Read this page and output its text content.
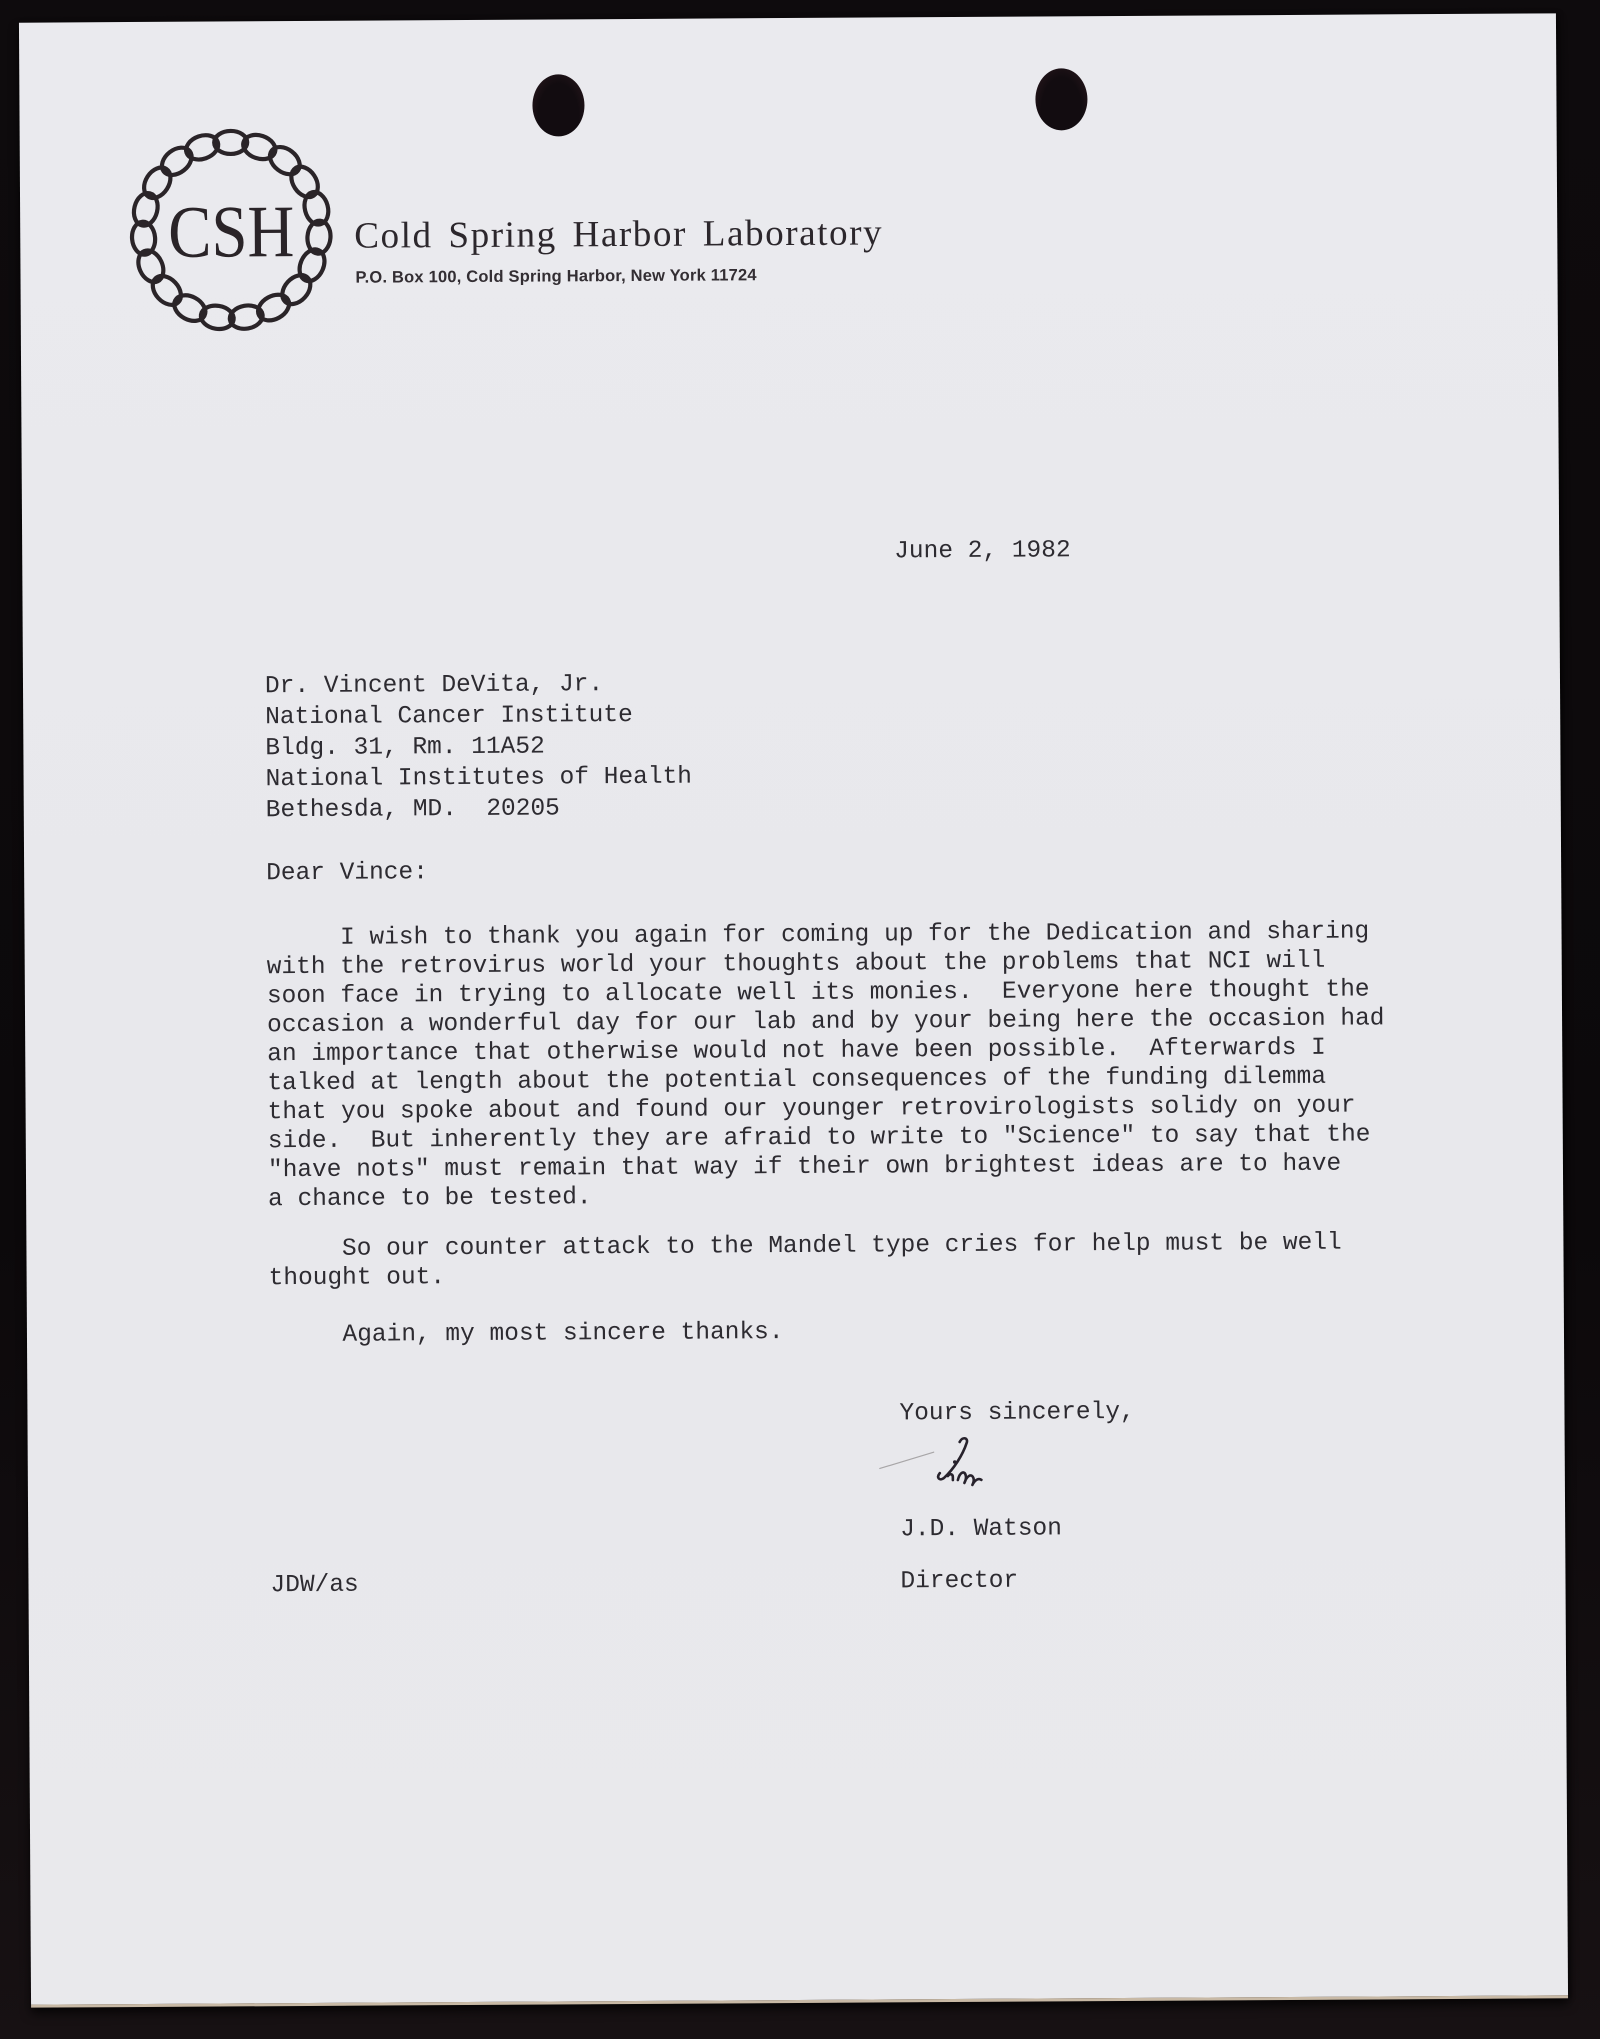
CSH Cold Spring Harbor Laboratory
P.O. Box 100, Cold Spring Harbor, New York 11724
June 2, 1982
Dr. Vincent DeVita, Jr.
National Cancer Institute
Bldg. 31, Rm. 11A52
National Institutes of Health
Bethesda, MD.  20205
Dear Vince:
I wish to thank you again for coming up for the Dedication and sharing
with the retrovirus world your thoughts about the problems that NCI will
soon face in trying to allocate well its monies.  Everyone here thought the
occasion a wonderful day for our lab and by your being here the occasion had
an importance that otherwise would not have been possible.  Afterwards I
talked at length about the potential consequences of the funding dilemma
that you spoke about and found our younger retrovirologists solidy on your
side.  But inherently they are afraid to write to "Science" to say that the
"have nots" must remain that way if their own brightest ideas are to have
a chance to be tested.
So our counter attack to the Mandel type cries for help must be well
thought out.
Again, my most sincere thanks.
Yours sincerely,
J.D. Watson
Director
JDW/as
